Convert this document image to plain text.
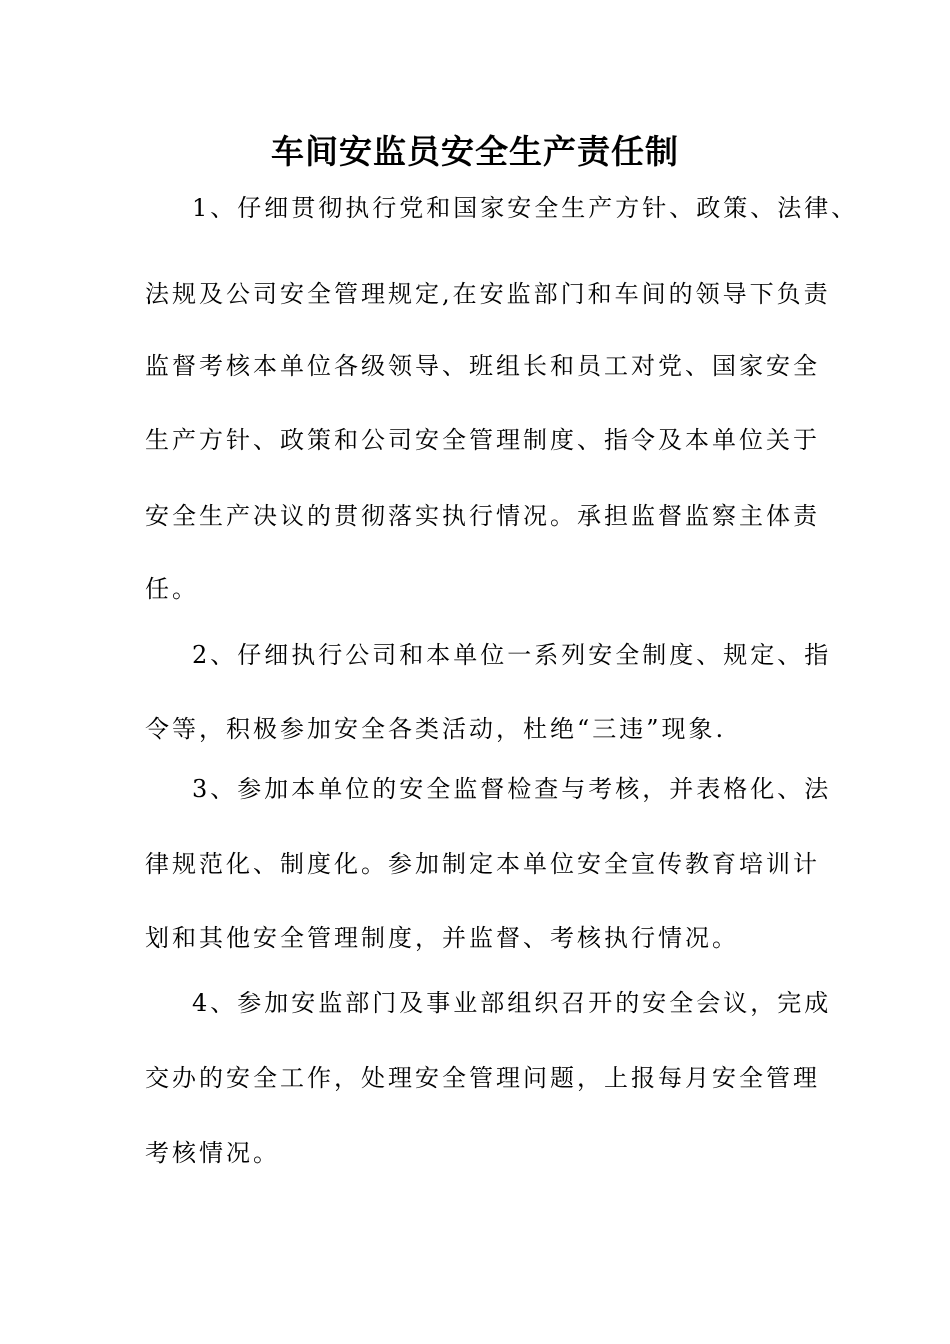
车间安监员安全生产责任制

1、仔细贯彻执行党和国家安全生产方针、政策、法律、

法规及公司安全管理规定,在安监部门和车间的领导下负责

监督考核本单位各级领导、班组长和员工对党、国家安全

生产方针、政策和公司安全管理制度、指令及本单位关于

安全生产决议的贯彻落实执行情况。承担监督监察主体责

任。

2、仔细执行公司和本单位一系列安全制度、规定、指

令等，积极参加安全各类活动，杜绝“三违”现象.

3、参加本单位的安全监督检查与考核，并表格化、法

律规范化、制度化。参加制定本单位安全宣传教育培训计

划和其他安全管理制度，并监督、考核执行情况。

4、参加安监部门及事业部组织召开的安全会议，完成

交办的安全工作，处理安全管理问题，上报每月安全管理

考核情况。
